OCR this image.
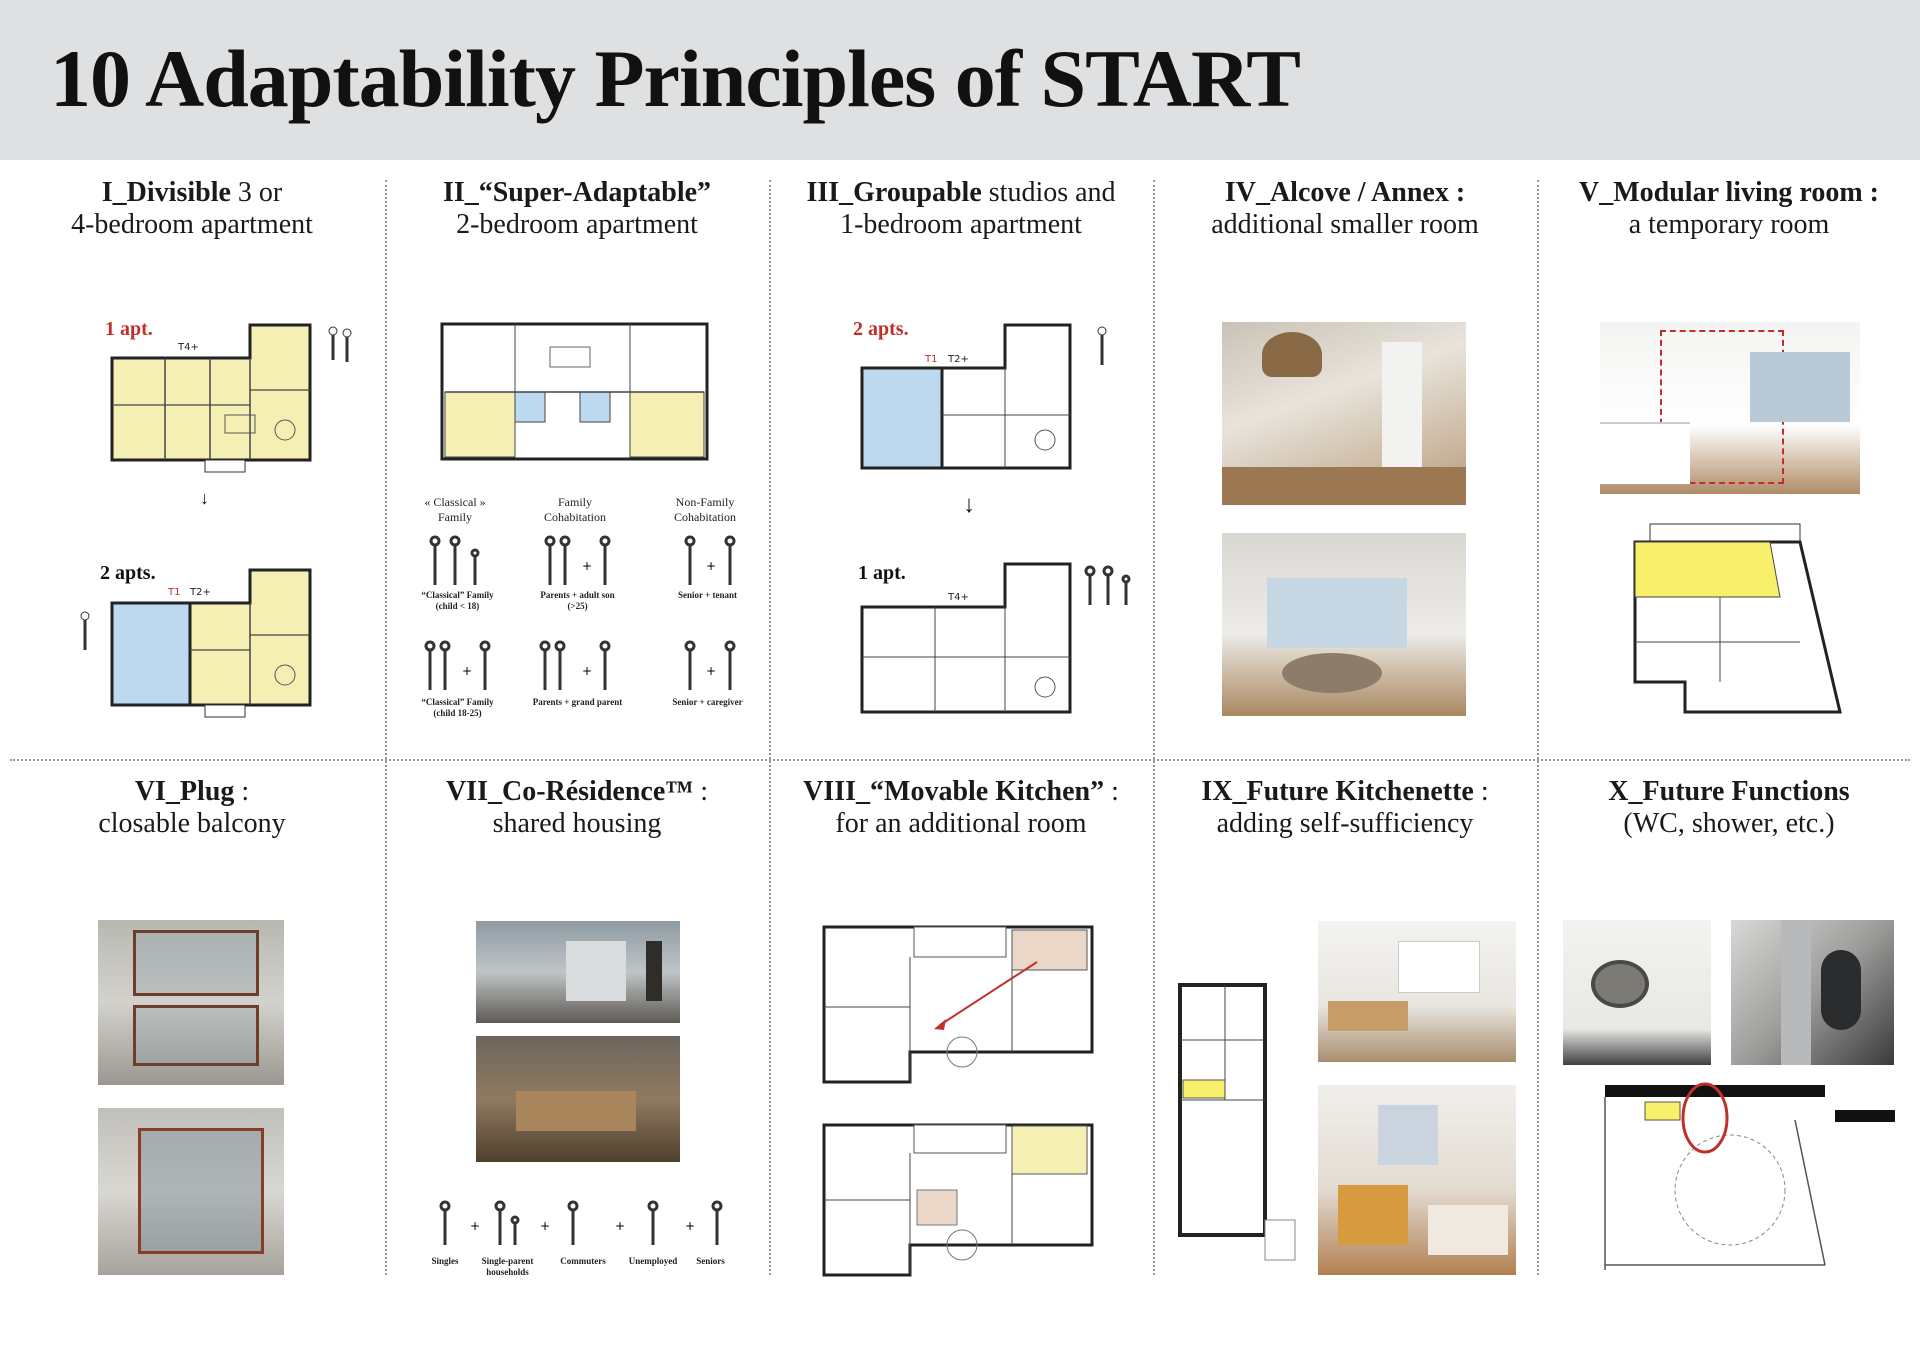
10 Adaptability Principles of START
I_Divisible 3 or
4-bedroom apartment
II_“Super-Adaptable”
2-bedroom apartment
III_Groupable studios and
1-bedroom apartment
IV_Alcove / Annex :
additional smaller room
V_Modular living room :
a temporary room
VI_Plug :
closable balcony
VII_Co-Résidence™ :
shared housing
VIII_“Movable Kitchen” :
for an additional room
IX_Future Kitchenette :
adding self-sufficiency
X_Future Functions
(WC, shower, etc.)
1 apt.
T4+
↓
2 apts.
T1 T2+
« Classical » Family
Family Cohabitation
Non-Family Cohabitation
+	+
“Classical” Family (child < 18)
Parents + adult son (>25)
Senior + tenant
+	+	+
“Classical” Family (child 18-25)
Parents + grand parent	Senior + caregiver
2 apts.
T1 T2+
↓
1 apt.
T4+
+	+	+	+
Singles	Single-parent households
Commuters	Unemployed	Seniors
